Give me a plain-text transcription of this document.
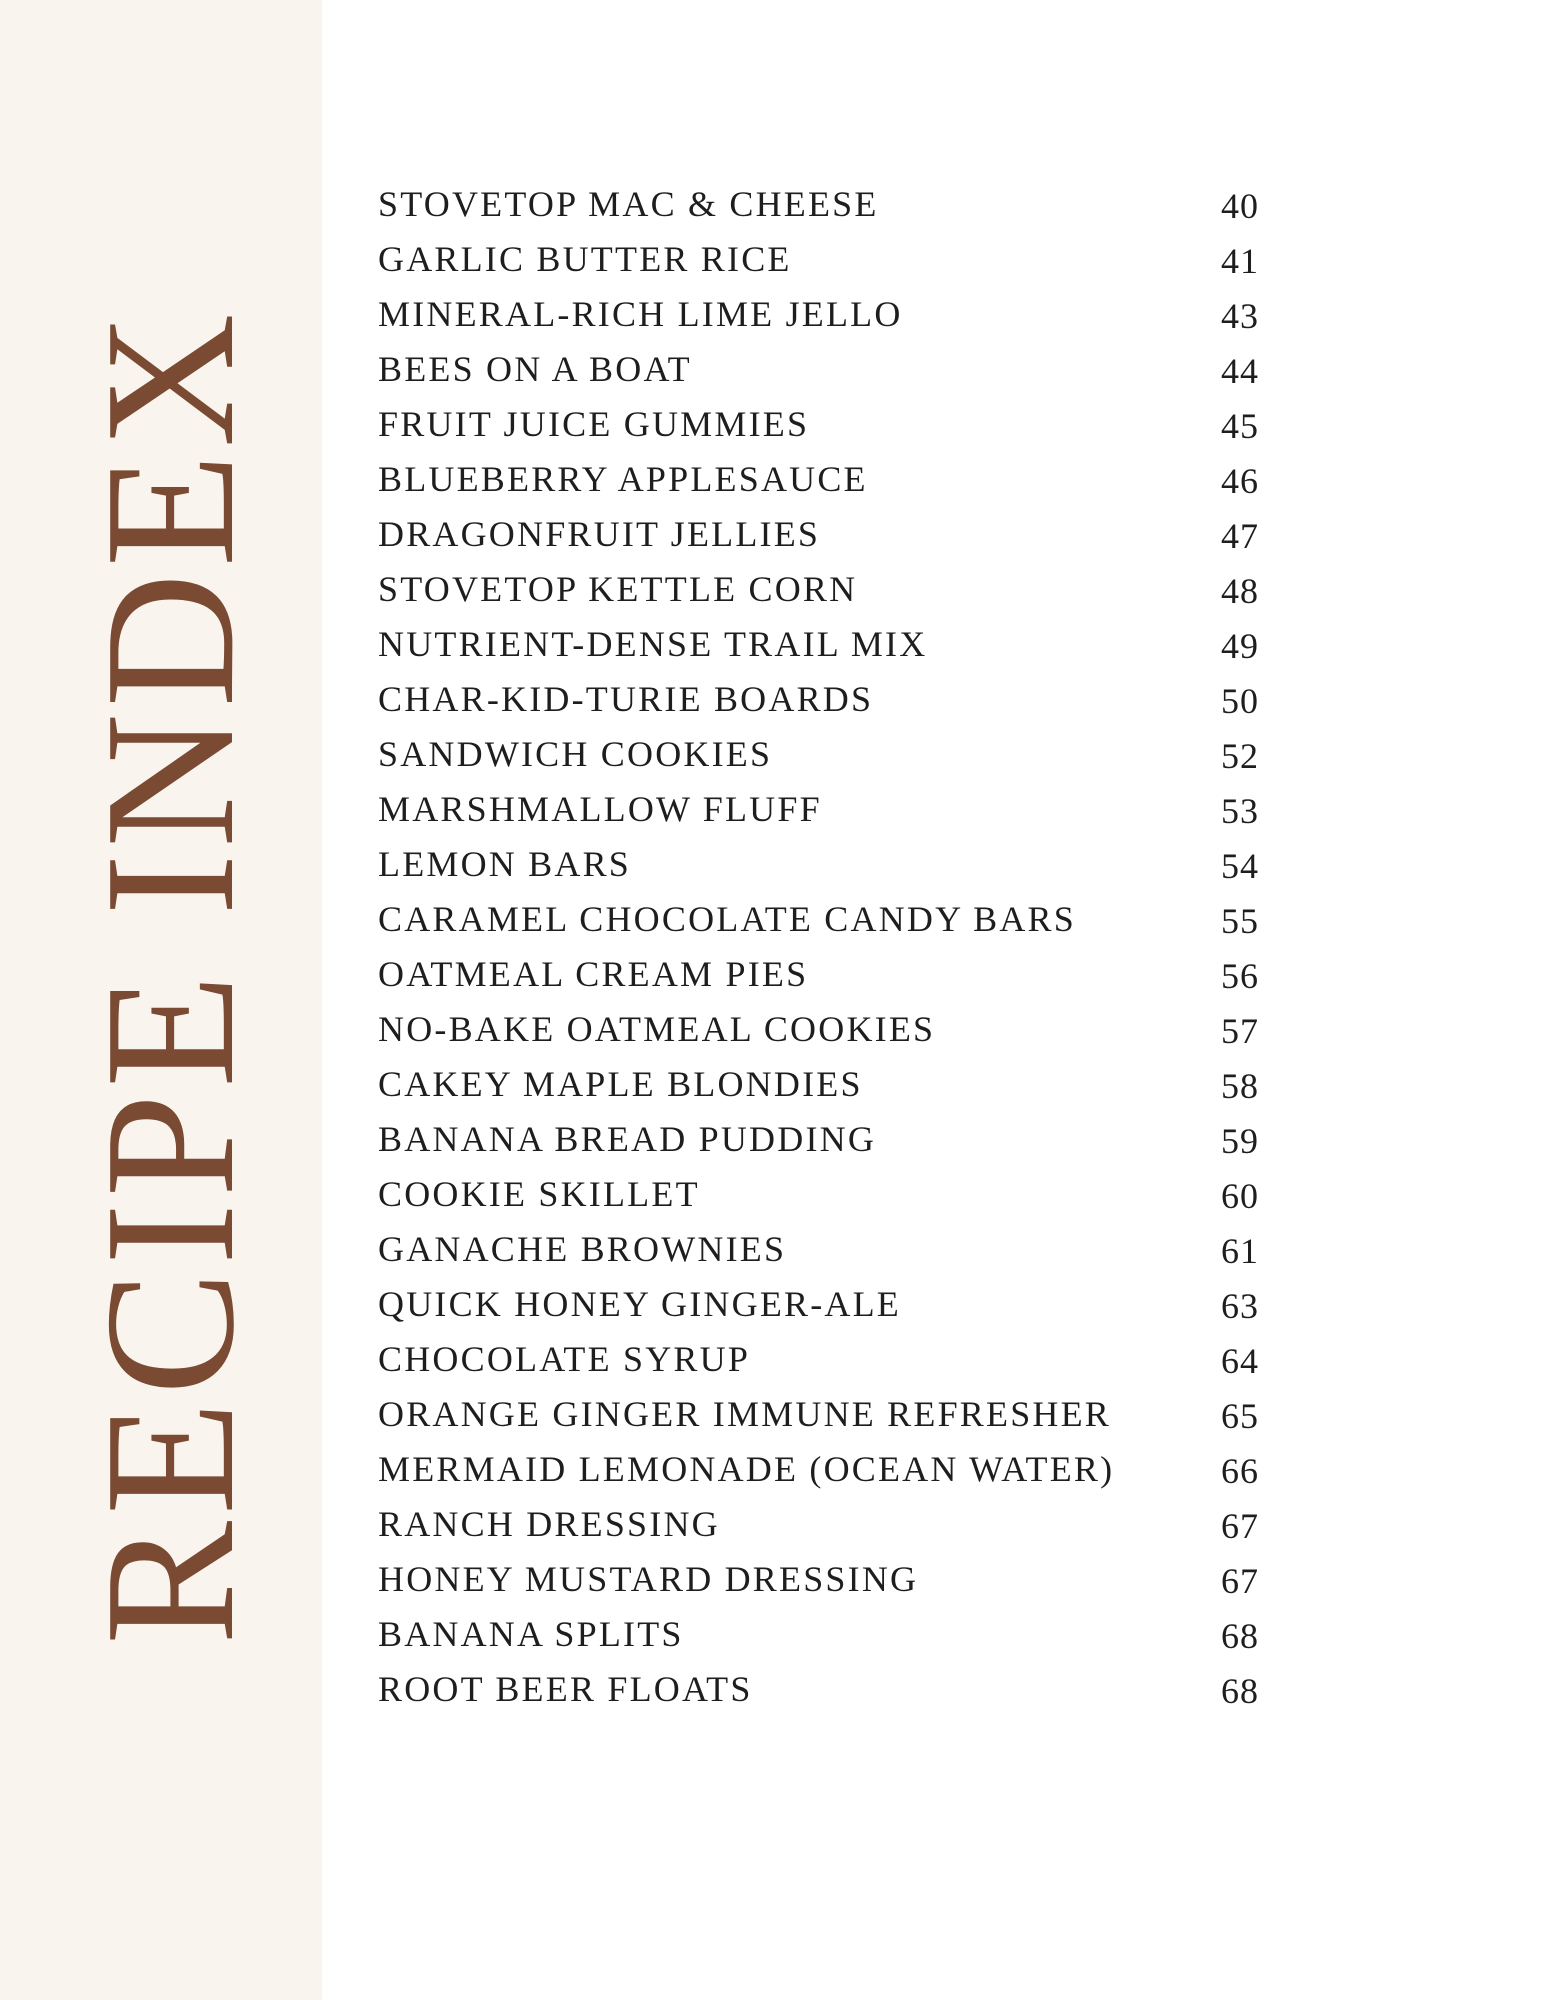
RECIPE INDEX
STOVETOP MAC & CHEESE	40
GARLIC BUTTER RICE	41
MINERAL-RICH LIME JELLO	43
BEES ON A BOAT	44
FRUIT JUICE GUMMIES	45
BLUEBERRY APPLESAUCE	46
DRAGONFRUIT JELLIES	47
STOVETOP KETTLE CORN	48
NUTRIENT-DENSE TRAIL MIX	49
CHAR-KID-TURIE BOARDS	50
SANDWICH COOKIES	52
MARSHMALLOW FLUFF	53
LEMON BARS	54
CARAMEL CHOCOLATE CANDY BARS	55
OATMEAL CREAM PIES	56
NO-BAKE OATMEAL COOKIES	57
CAKEY MAPLE BLONDIES	58
BANANA BREAD PUDDING	59
COOKIE SKILLET	60
GANACHE BROWNIES	61
QUICK HONEY GINGER-ALE	63
CHOCOLATE SYRUP	64
ORANGE GINGER IMMUNE REFRESHER	65
MERMAID LEMONADE (OCEAN WATER)	66
RANCH DRESSING	67
HONEY MUSTARD DRESSING	67
BANANA SPLITS	68
ROOT BEER FLOATS	68
